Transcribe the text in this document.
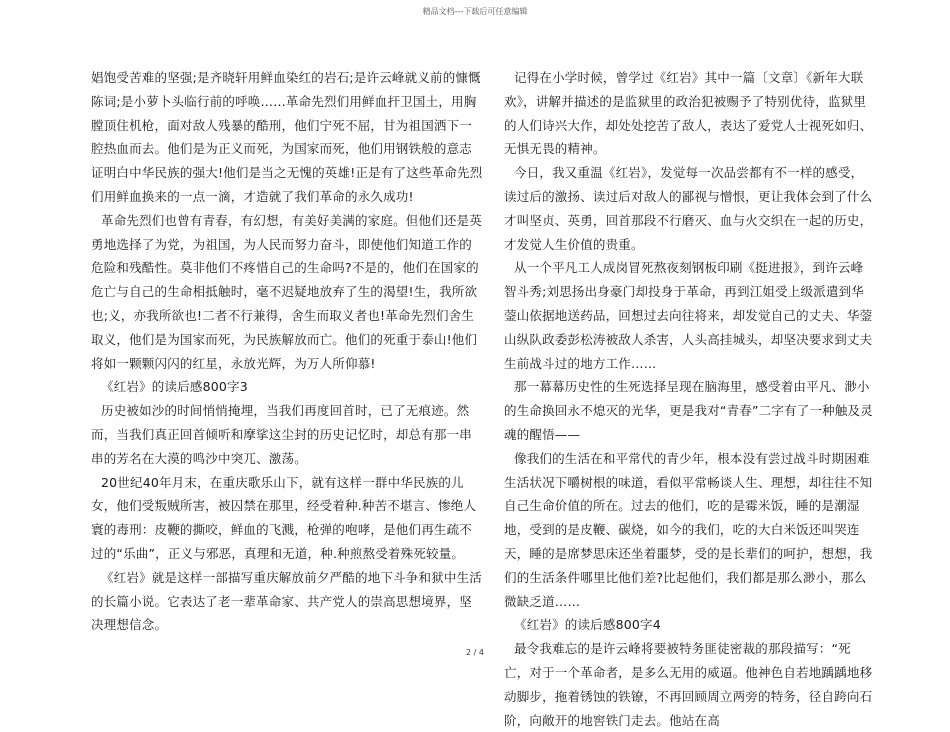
精品文档---下载后可任意编辑

娼饱受苦难的坚强;是齐晓轩用鲜血染红的岩石;是许云峰就义前的慷慨陈词;是小萝卜头临行前的呼唤……革命先烈们用鲜血扞卫国土，用胸膛顶住机枪，面对敌人残暴的酷刑，他们宁死不屈，甘为祖国洒下一腔热血而去。他们是为正义而死，为国家而死，他们用钢铁般的意志证明白中华民族的强大!他们是当之无愧的英雄!正是有了这些革命先烈们用鲜血换来的一点一滴，才造就了我们革命的永久成功!

革命先烈们也曾有青春，有幻想，有美好美满的家庭。但他们还是英勇地选择了为党，为祖国，为人民而努力奋斗，即使他们知道工作的危险和残酷性。莫非他们不疼惜自己的生命吗?不是的，他们在国家的危亡与自己的生命相抵触时，毫不迟疑地放弃了生的渴望!生，我所欲也;义，亦我所欲也!二者不行兼得，舍生而取义者也!革命先烈们舍生取义，他们是为国家而死，为民族解放而亡。他们的死重于泰山!他们将如一颗颗闪闪的红星，永放光辉，为万人所仰慕!

《红岩》的读后感800字3

历史被如沙的时间悄悄掩埋，当我们再度回首时，已了无痕迹。然而，当我们真正回首倾听和摩挲这尘封的历史记忆时，却总有那一串串的芳名在大漠的鸣沙中突兀、激荡。

20世纪40年月末，在重庆歌乐山下，就有这样一群中华民族的儿女，他们受叛贼所害，被囚禁在那里，经受着种.种苦不堪言、惨绝人寰的毒刑：皮鞭的撕咬，鲜血的飞溅，枪弹的咆哮，是他们再生疏不过的“乐曲”，正义与邪恶，真理和无道，种.种煎熬受着殊死较量。

《红岩》就是这样一部描写重庆解放前夕严酷的地下斗争和狱中生活的长篇小说。它表达了老一辈革命家、共产党人的崇高思想境界，坚决理想信念。

记得在小学时候，曾学过《红岩》其中一篇〔文章〕《新年大联欢》，讲解并描述的是监狱里的政治犯被赐予了特别优待，监狱里的人们诗兴大作，却处处挖苦了敌人，表达了爱党人士视死如归、无惧无畏的精神。

今日，我又重温《红岩》，发觉每一次品尝都有不一样的感受，读过后的激扬、读过后对敌人的鄙视与憎恨，更让我体会到了什么才叫坚贞、英勇，回首那段不行磨灭、血与火交织在一起的历史，才发觉人生价值的贵重。

从一个平凡工人成岗冒死熬夜刻钢板印刷《挺进报》，到许云峰智斗秀;刘思扬出身豪门却投身于革命，再到江姐受上级派遣到华蓥山依据地送药品，回想过去向往将来，却发觉自己的丈夫、华蓥山纵队政委彭松涛被敌人杀害，人头高挂城头，却坚决要求到丈夫生前战斗过的地方工作……

那一幕幕历史性的生死选择呈现在脑海里，感受着由平凡、渺小的生命换回永不熄灭的光华，更是我对“青春”二字有了一种触及灵魂的醒悟——

像我们的生活在和平常代的青少年，根本没有尝过战斗时期困难生活状况下嚼树根的味道，看似平常畅谈人生、理想，却往往不知自己生命价值的所在。过去的他们，吃的是霉米饭，睡的是潮湿地，受到的是皮鞭、碳烧，如今的我们，吃的大白米饭还叫哭连天，睡的是席梦思床还坐着噩梦，受的是长辈们的呵护，想想，我们的生活条件哪里比他们差?比起他们，我们都是那么渺小，那么微缺乏道……

《红岩》的读后感800字4

最令我难忘的是许云峰将要被特务匪徒密裁的那段描写：“死亡，对于一个革命者，是多么无用的威逼。他神色自若地踽踽地移动脚步，拖着锈蚀的铁镣，不再回顾周立两旁的特务，径自跨向石阶，向敞开的地窖铁门走去。他站在高

2 / 4
